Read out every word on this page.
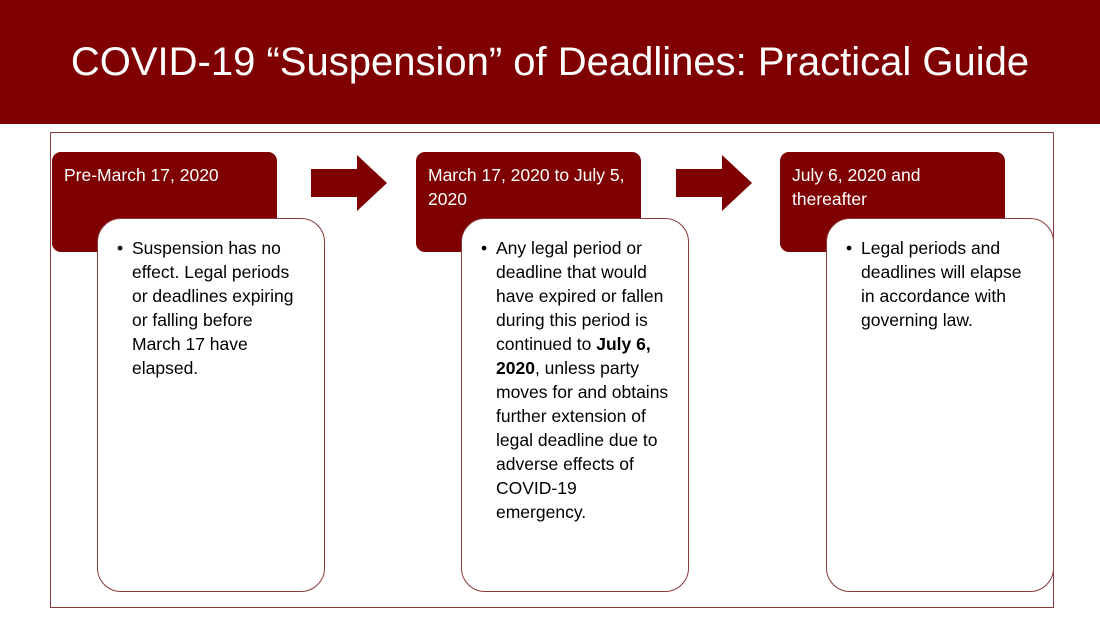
COVID-19 “Suspension” of Deadlines: Practical Guide
Pre-March 17, 2020
• Suspension has no effect. Legal periods or deadlines expiring or falling before March 17 have elapsed.
March 17, 2020 to July 5, 2020
• Any legal period or deadline that would have expired or fallen during this period is continued to July 6, 2020, unless party moves for and obtains further extension of legal deadline due to adverse effects of COVID-19 emergency.
July 6, 2020 and thereafter
• Legal periods and deadlines will elapse in accordance with governing law.
